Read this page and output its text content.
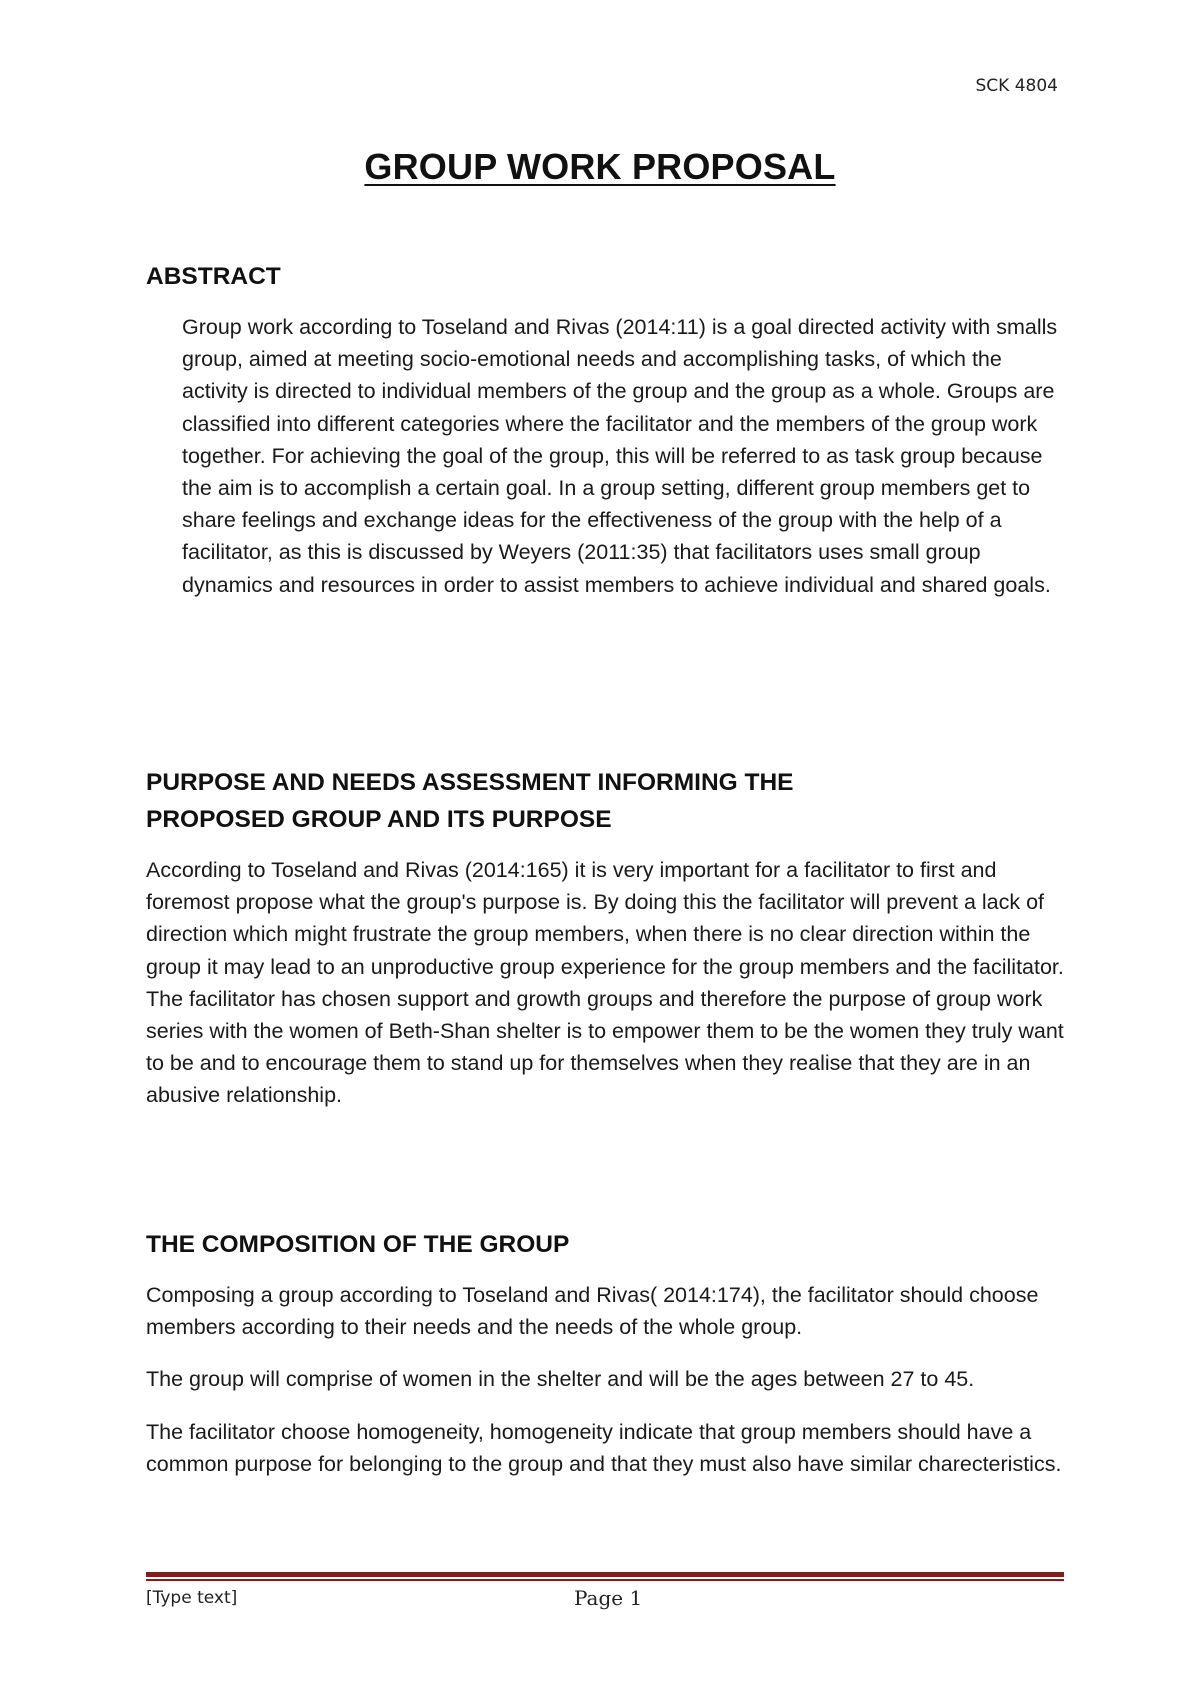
SCK 4804
GROUP WORK PROPOSAL
ABSTRACT

Group work according to Toseland and Rivas (2014:11) is a goal directed activity with smalls group, aimed at meeting socio-emotional needs and accomplishing tasks, of which the activity is directed to individual members of the group and the group as a whole. Groups are classified into different categories where the facilitator and the members of the group work together. For achieving the goal of the group, this will be referred to as task group because the aim is to accomplish a certain goal. In a group setting, different group members get to share feelings and exchange ideas for the effectiveness of the group with the help of a facilitator, as this is discussed by Weyers (2011:35) that facilitators uses small group dynamics and resources in order to assist members to achieve individual and shared goals.

PURPOSE AND NEEDS ASSESSMENT INFORMING THE
PROPOSED GROUP AND ITS PURPOSE

According to Toseland and Rivas (2014:165) it is very important for a facilitator to first and foremost propose what the group's purpose is. By doing this the facilitator will prevent a lack of direction which might frustrate the group members, when there is no clear direction within the group it may lead to an unproductive group experience for the group members and the facilitator. The facilitator has chosen support and growth groups and therefore the purpose of group work series with the women of Beth-Shan shelter is to empower them to be the women they truly want to be and to encourage them to stand up for themselves when they realise that they are in an abusive relationship.

THE COMPOSITION OF THE GROUP

Composing a group according to Toseland and Rivas( 2014:174), the facilitator should choose members according to their needs and the needs of the whole group.

The group will comprise of women in the shelter and will be the ages between 27 to 45.

The facilitator choose homogeneity, homogeneity indicate that group members should have a common purpose for belonging to the group and that they must also have similar charecteristics.

[Type text]	Page 1
